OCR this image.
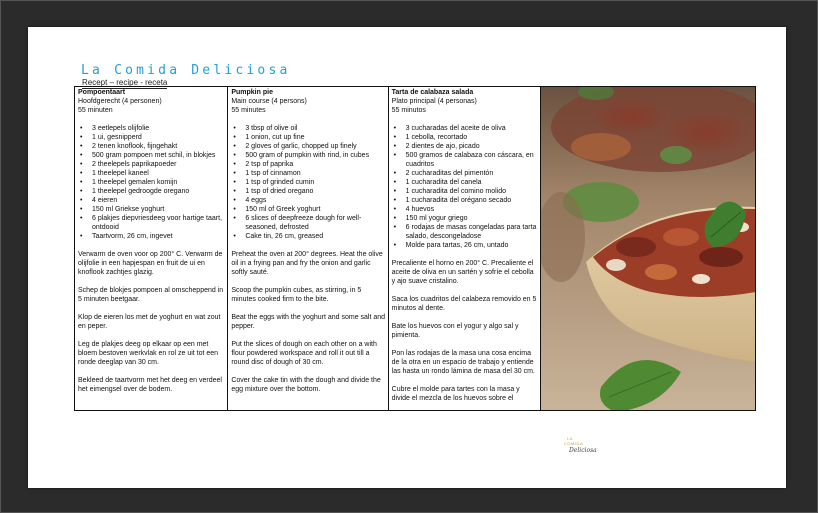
La Comida Deliciosa
Recept – recipe - receta
Pompoentaart
Hoofdgerecht (4 personen)
55 minuten
• 3 eetlepels olijfolie
• 1 ui, gesnipperd
• 2 tenen knoflook, fijngehakt
• 500 gram pompoen met schil, in blokjes
• 2 theelepels paprikapoeder
• 1 theelepel kaneel
• 1 theelepel gemalen komijn
• 1 theelepel gedroogde oregano
• 4 eieren
• 150 ml Griekse yoghurt
• 6 plakjes diepvriesdeeg voor hartige taart, ontdooid
• Taartvorm, 26 cm, ingevet

Verwarm de oven voor op 200° C. Verwarm de olijfolie in een hapjespan en fruit de ui en knoflook zachtjes glazig.

Schep de blokjes pompoen al omscheppend in 5 minuten beetgaar.

Klop de eieren los met de yoghurt en wat zout en peper.

Leg de plakjes deeg op elkaar op een met bloem bestoven werkvlak en rol ze uit tot een ronde deeglap van 30 cm.

Bekleed de taartvorm met het deeg en verdeel het eimengsel over de bodem.

Pumpkin pie
Main course (4 persons)
55 minutes
• 3 tbsp of olive oil
• 1 onion, cut up fine
• 2 gloves of garlic, chopped up finely
• 500 gram of pumpkin with rind, in cubes
• 2 tsp of paprika
• 1 tsp of cinnamon
• 1 tsp of grinded cumin
• 1 tsp of dried oregano
• 4 eggs
• 150 ml of Greek yoghurt
• 6 slices of deepfreeze dough for well-seasoned, defrosted
• Cake tin, 26 cm, greased

Preheat the oven at 200° degrees. Heat the olive oil in a frying pan and fry the onion and garlic softly sauté.

Scoop the pumpkin cubes, as stirring, in 5 minutes cooked firm to the bite.

Beat the eggs with the yoghurt and some salt and pepper.

Put the slices of dough on each other on a with flour powdered workspace and roll it out till a round disc of dough of 30 cm.

Cover the cake tin with the dough and divide the egg mixture over the bottom.

Tarta de calabaza salada
Plato principal (4 personas)
55 minutos
• 3 cucharadas del aceite de oliva
• 1 cebolla, recortado
• 2 dientes de ajo, picado
• 500 gramos de calabaza con cáscara, en cuadritos
• 2 cucharaditas del pimentón
• 1 cucharadita del canela
• 1 cucharadita del comino molido
• 1 cucharadita del orégano secado
• 4 huevos
• 150 ml yogur griego
• 6 rodajas de masas congeladas para tarta salado, descongeladose
• Molde para tartas, 26 cm, untado

Precaliente el horno en 200° C. Precaliente el aceite de oliva en un sartén y sofríe el cebolla y ajo suave cristalino.

Saca los cuadritos del calabeza removido en 5 minutos al dente.

Bate los huevos con el yogur y algo sal y pimienta.

Pon las rodajas de la masa una cosa encima de la otra en un espacio de trabajo y entiende las hasta un rondo lámina de masa del 30 cm.

Cubre el molde para tartes con la masa y divide el mezcla de los huevos sobre el

LA
COMIDA
Deliciosa
